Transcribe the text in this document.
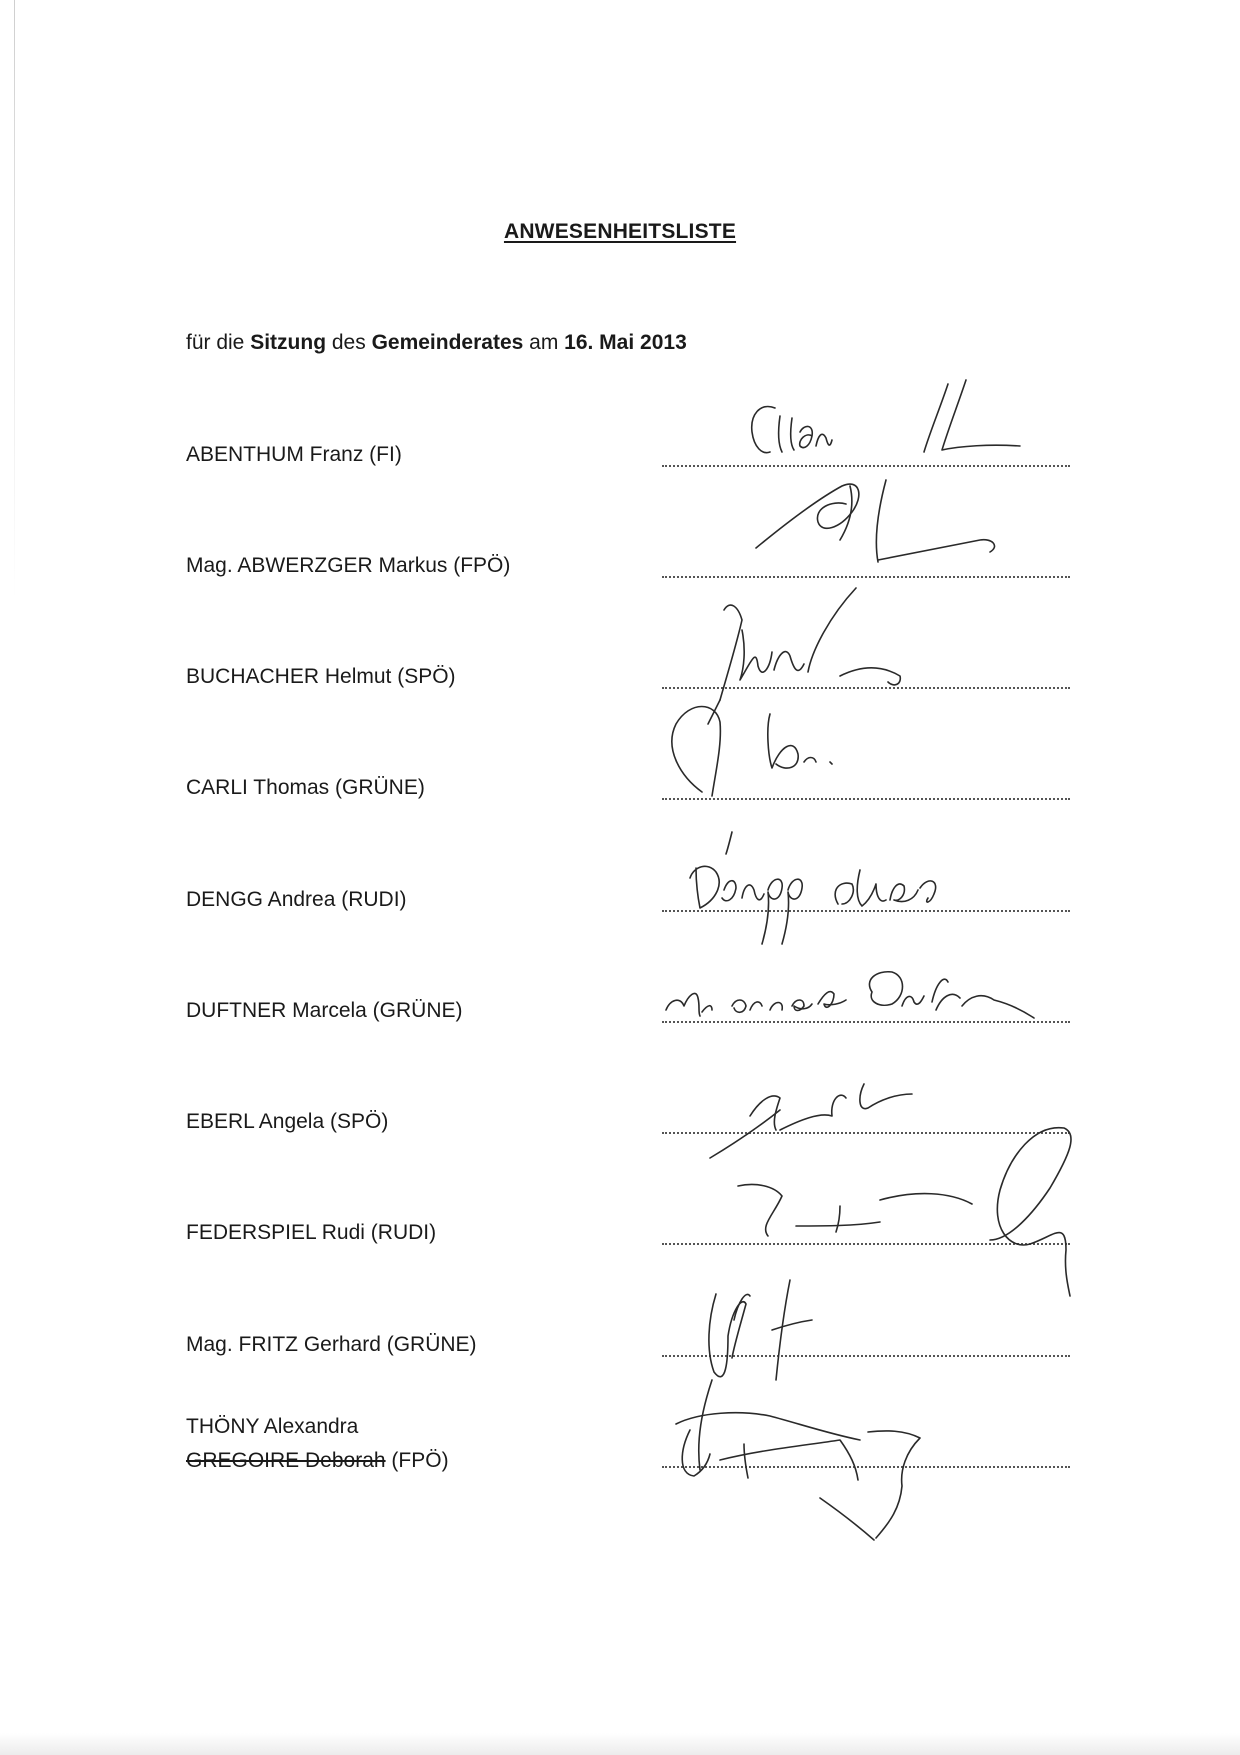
ANWESENHEITSLISTE
für die Sitzung des Gemeinderates am 16. Mai 2013
ABENTHUM Franz (FI)
Mag. ABWERZGER Markus (FPÖ)
BUCHACHER Helmut (SPÖ)
CARLI Thomas (GRÜNE)
DENGG Andrea (RUDI)
DUFTNER Marcela (GRÜNE)
EBERL Angela (SPÖ)
FEDERSPIEL Rudi (RUDI)
Mag. FRITZ Gerhard (GRÜNE)
THÖNY Alexandra
GREGOIRE Deborah (FPÖ)
